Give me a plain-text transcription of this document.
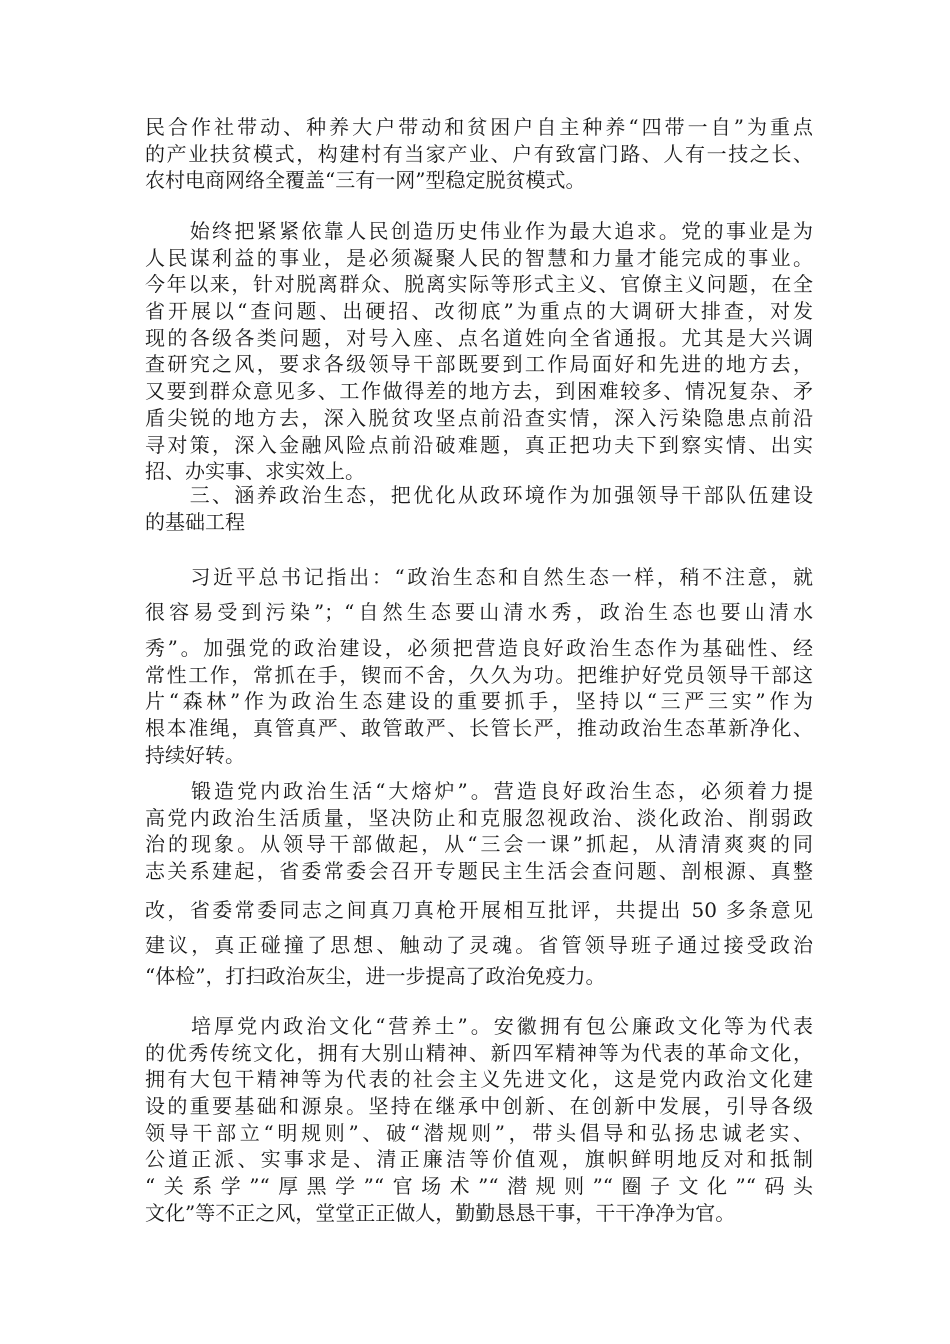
民合作社带动、种养大户带动和贫困户自主种养“四带一自”为重点
的产业扶贫模式，构建村有当家产业、户有致富门路、人有一技之长、
农村电商网络全覆盖“三有一网”型稳定脱贫模式。
　　始终把紧紧依靠人民创造历史伟业作为最大追求。党的事业是为
人民谋利益的事业，是必须凝聚人民的智慧和力量才能完成的事业。
今年以来，针对脱离群众、脱离实际等形式主义、官僚主义问题，在全
省开展以“查问题、出硬招、改彻底”为重点的大调研大排查，对发
现的各级各类问题，对号入座、点名道姓向全省通报。尤其是大兴调
查研究之风，要求各级领导干部既要到工作局面好和先进的地方去，
又要到群众意见多、工作做得差的地方去，到困难较多、情况复杂、矛
盾尖锐的地方去，深入脱贫攻坚点前沿查实情，深入污染隐患点前沿
寻对策，深入金融风险点前沿破难题，真正把功夫下到察实情、出实
招、办实事、求实效上。
　　三、涵养政治生态，把优化从政环境作为加强领导干部队伍建设
的基础工程
　　习近平总书记指出：“政治生态和自然生态一样，稍不注意，就
很容易受到污染”；“自然生态要山清水秀，政治生态也要山清水
秀”。加强党的政治建设，必须把营造良好政治生态作为基础性、经
常性工作，常抓在手，锲而不舍，久久为功。把维护好党员领导干部这
片“森林”作为政治生态建设的重要抓手，坚持以“三严三实”作为
根本准绳，真管真严、敢管敢严、长管长严，推动政治生态革新净化、
持续好转。
　　锻造党内政治生活“大熔炉”。营造良好政治生态，必须着力提
高党内政治生活质量，坚决防止和克服忽视政治、淡化政治、削弱政
治的现象。从领导干部做起，从“三会一课”抓起，从清清爽爽的同
志关系建起，省委常委会召开专题民主生活会查问题、剖根源、真整
改，省委常委同志之间真刀真枪开展相互批评，共提出 50 多条意见
建议，真正碰撞了思想、触动了灵魂。省管领导班子通过接受政治
“体检”，打扫政治灰尘，进一步提高了政治免疫力。
　　培厚党内政治文化“营养土”。安徽拥有包公廉政文化等为代表
的优秀传统文化，拥有大别山精神、新四军精神等为代表的革命文化，
拥有大包干精神等为代表的社会主义先进文化，这是党内政治文化建
设的重要基础和源泉。坚持在继承中创新、在创新中发展，引导各级
领导干部立“明规则”、破“潜规则”，带头倡导和弘扬忠诚老实、
公道正派、实事求是、清正廉洁等价值观，旗帜鲜明地反对和抵制
“关系学”“厚黑学”“官场术”“潜规则”“圈子文化”“码头
文化”等不正之风，堂堂正正做人，勤勤恳恳干事，干干净净为官。
